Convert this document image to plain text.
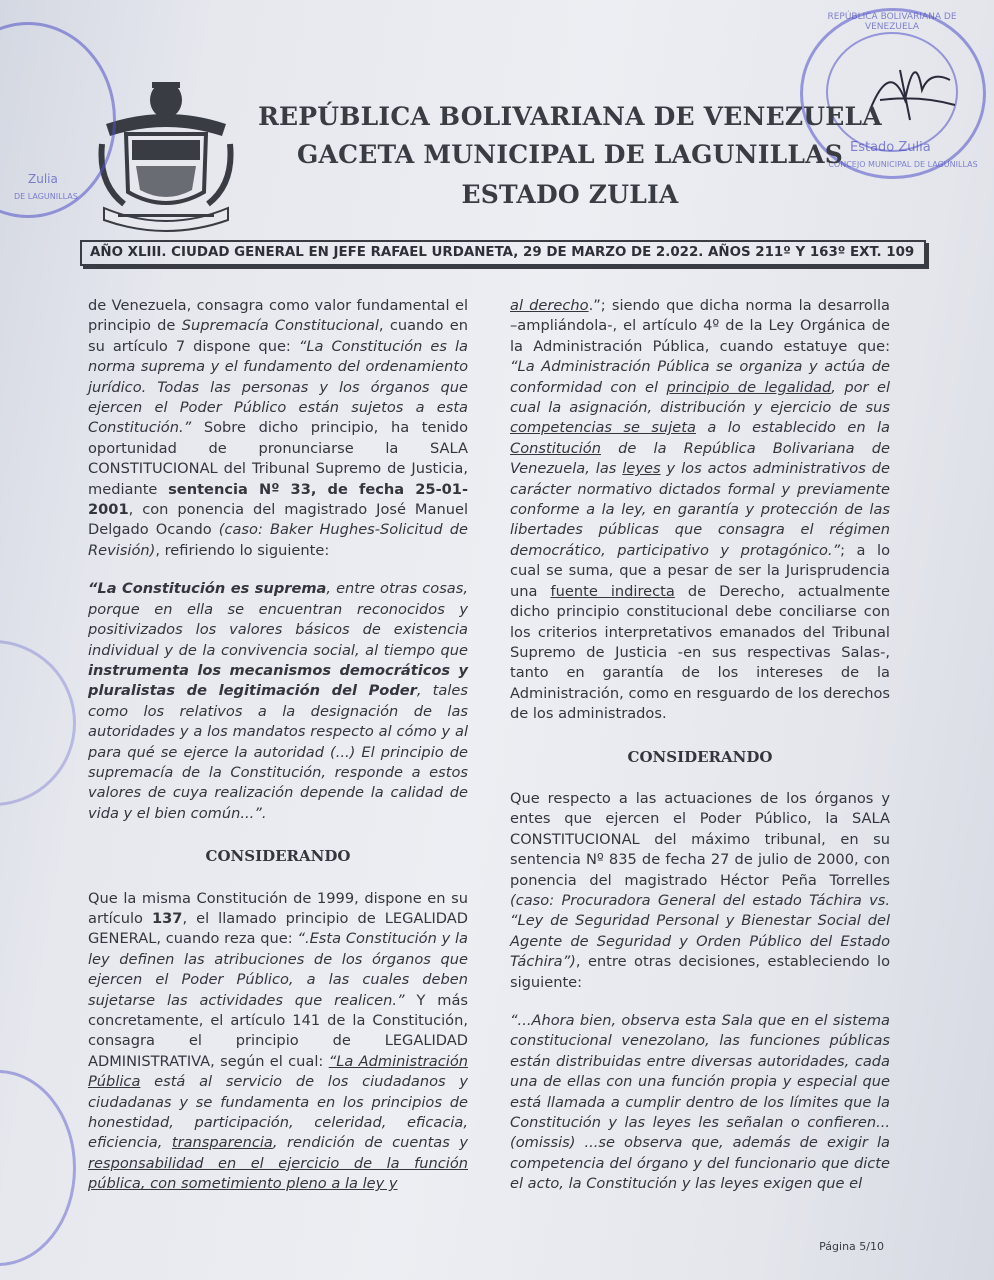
REPÚBLICA BOLIVARIANA DE VENEZUELA
Estado Zulia
CONCEJO MUNICIPAL DE LAGUNILLAS
Zulia
DE LAGUNILLAS
REPÚBLICA BOLIVARIANA DE VENEZUELA
GACETA MUNICIPAL DE LAGUNILLAS
ESTADO ZULIA
AÑO XLIII. CIUDAD GENERAL EN JEFE RAFAEL URDANETA, 29 DE MARZO DE 2.022. AÑOS 211º Y 163º EXT. 109

de Venezuela, consagra como valor fundamental el principio de Supremacía Constitucional, cuando en su artículo 7 dispone que: “La Constitución es la norma suprema y el fundamento del ordenamiento jurídico. Todas las personas y los órganos que ejercen el Poder Público están sujetos a esta Constitución.” Sobre dicho principio, ha tenido oportunidad de pronunciarse la SALA CONSTITUCIONAL del Tribunal Supremo de Justicia, mediante sentencia Nº 33, de fecha 25-01-2001, con ponencia del magistrado José Manuel Delgado Ocando (caso: Baker Hughes-Solicitud de Revisión), refiriendo lo siguiente:

“La Constitución es suprema, entre otras cosas, porque en ella se encuentran reconocidos y positivizados los valores básicos de existencia individual y de la convivencia social, al tiempo que instrumenta los mecanismos democráticos y pluralistas de legitimación del Poder, tales como los relativos a la designación de las autoridades y a los mandatos respecto al cómo y al para qué se ejerce la autoridad (...) El principio de supremacía de la Constitución, responde a estos valores de cuya realización depende la calidad de vida y el bien común...”.

CONSIDERANDO

Que la misma Constitución de 1999, dispone en su artículo 137, el llamado principio de LEGALIDAD GENERAL, cuando reza que: “.Esta Constitución y la ley definen las atribuciones de los órganos que ejercen el Poder Público, a las cuales deben sujetarse las actividades que realicen.” Y más concretamente, el artículo 141 de la Constitución, consagra el principio de LEGALIDAD ADMINISTRATIVA, según el cual: “La Administración Pública está al servicio de los ciudadanos y ciudadanas y se fundamenta en los principios de honestidad, participación, celeridad, eficacia, eficiencia, transparencia, rendición de cuentas y responsabilidad en el ejercicio de la función pública, con sometimiento pleno a la ley y

al derecho.”; siendo que dicha norma la desarrolla –ampliándola-, el artículo 4º de la Ley Orgánica de la Administración Pública, cuando estatuye que: “La Administración Pública se organiza y actúa de conformidad con el principio de legalidad, por el cual la asignación, distribución y ejercicio de sus competencias se sujeta a lo establecido en la Constitución de la República Bolivariana de Venezuela, las leyes y los actos administrativos de carácter normativo dictados formal y previamente conforme a la ley, en garantía y protección de las libertades públicas que consagra el régimen democrático, participativo y protagónico.”; a lo cual se suma, que a pesar de ser la Jurisprudencia una fuente indirecta de Derecho, actualmente dicho principio constitucional debe conciliarse con los criterios interpretativos emanados del Tribunal Supremo de Justicia -en sus respectivas Salas-, tanto en garantía de los intereses de la Administración, como en resguardo de los derechos de los administrados.

CONSIDERANDO

Que respecto a las actuaciones de los órganos y entes que ejercen el Poder Público, la SALA CONSTITUCIONAL del máximo tribunal, en su sentencia Nº 835 de fecha 27 de julio de 2000, con ponencia del magistrado Héctor Peña Torrelles (caso: Procuradora General del estado Táchira vs. “Ley de Seguridad Personal y Bienestar Social del Agente de Seguridad y Orden Público del Estado Táchira”), entre otras decisiones, estableciendo lo siguiente:

“...Ahora bien, observa esta Sala que en el sistema constitucional venezolano, las funciones públicas están distribuidas entre diversas autoridades, cada una de ellas con una función propia y especial que está llamada a cumplir dentro de los límites que la Constitución y las leyes les señalan o confieren... (omissis) ...se observa que, además de exigir la competencia del órgano y del funcionario que dicte el acto, la Constitución y las leyes exigen que el

Página 5/10
